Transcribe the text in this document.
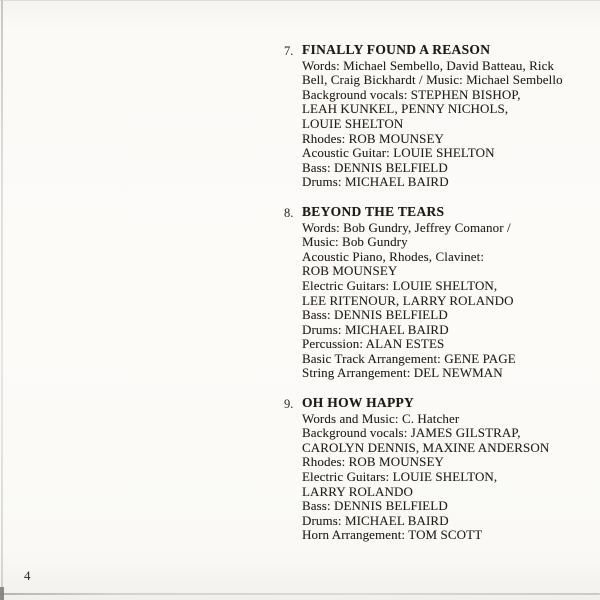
7. FINALLY FOUND A REASON
Words: Michael Sembello, David Batteau, Rick
Bell, Craig Bickhardt / Music: Michael Sembello
Background vocals: STEPHEN BISHOP,
LEAH KUNKEL, PENNY NICHOLS,
LOUIE SHELTON
Rhodes: ROB MOUNSEY
Acoustic Guitar: LOUIE SHELTON
Bass: DENNIS BELFIELD
Drums: MICHAEL BAIRD
8. BEYOND THE TEARS
Words: Bob Gundry, Jeffrey Comanor /
Music: Bob Gundry
Acoustic Piano, Rhodes, Clavinet:
ROB MOUNSEY
Electric Guitars: LOUIE SHELTON,
LEE RITENOUR, LARRY ROLANDO
Bass: DENNIS BELFIELD
Drums: MICHAEL BAIRD
Percussion: ALAN ESTES
Basic Track Arrangement: GENE PAGE
String Arrangement: DEL NEWMAN
9. OH HOW HAPPY
Words and Music: C. Hatcher
Background vocals: JAMES GILSTRAP,
CAROLYN DENNIS, MAXINE ANDERSON
Rhodes: ROB MOUNSEY
Electric Guitars: LOUIE SHELTON,
LARRY ROLANDO
Bass: DENNIS BELFIELD
Drums: MICHAEL BAIRD
Horn Arrangement: TOM SCOTT
4
